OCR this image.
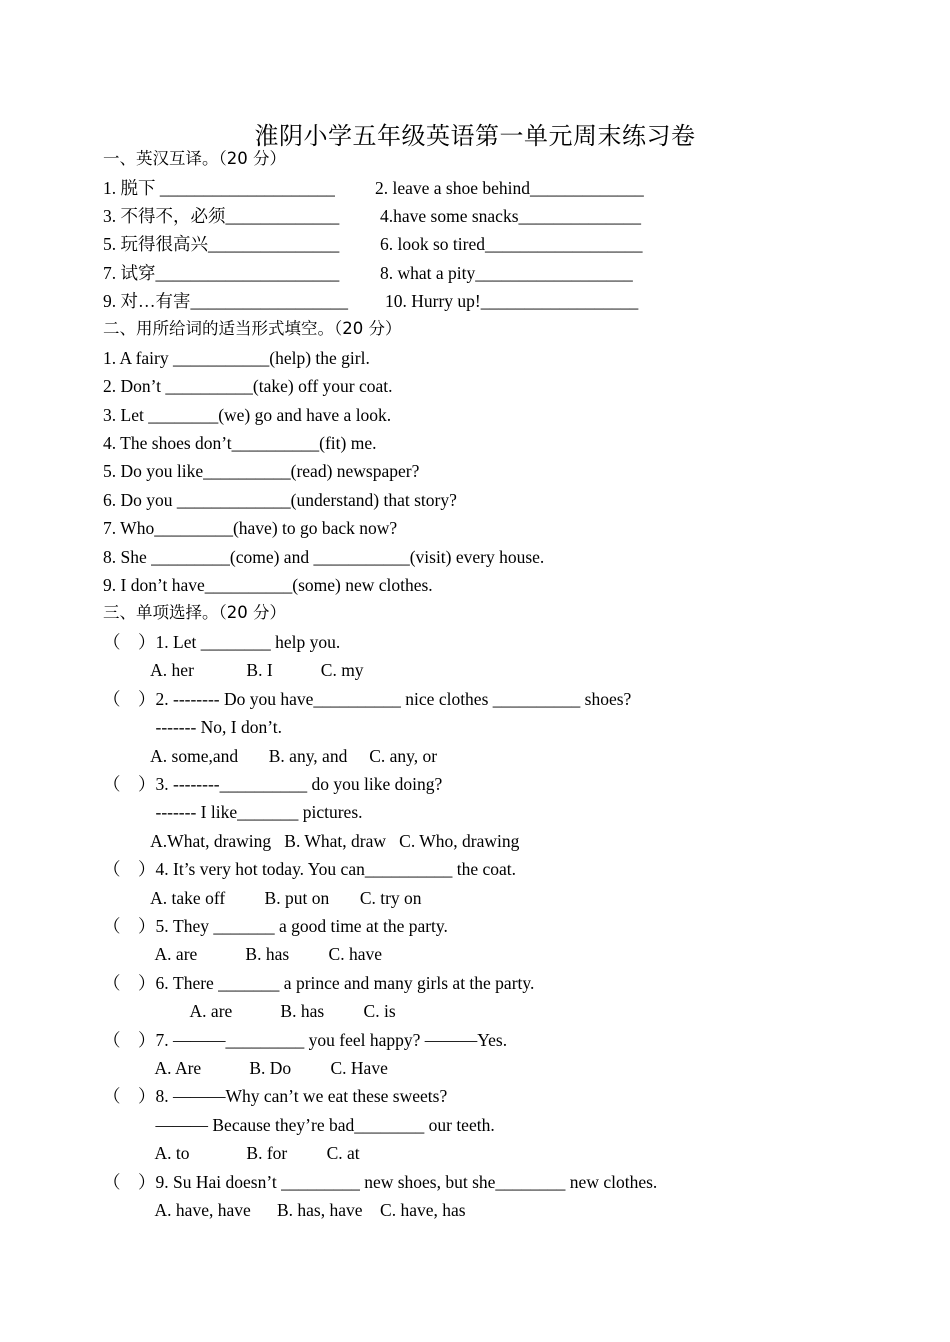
淮阴小学五年级英语第一单元周末练习卷
一、英汉互译。（20 分）
1. 脱下 ____________________ 2. leave a shoe behind_____________
3. 不得不，必须_____________ 4.have some snacks______________
5. 玩得很高兴_______________ 6. look so tired__________________
7. 试穿_____________________ 8. what a pity__________________
9. 对…有害__________________ 10. Hurry up!__________________
二、用所给词的适当形式填空。（20 分）
1. A fairy ___________(help) the girl.
2. Don’t __________(take) off your coat.
3. Let ________(we) go and have a look.
4. The shoes don’t__________(fit) me.
5. Do you like__________(read) newspaper?
6. Do you _____________(understand) that story?
7. Who_________(have) to go back now?
8. She _________(come) and ___________(visit) every house.
9. I don’t have__________(some) new clothes.
三、单项选择。（20 分）
（    ）1. Let ________ help you.
A. her            B. I           C. my
（    ）2. -------- Do you have__________ nice clothes __________ shoes?
------- No, I don’t.
A. some,and       B. any, and     C. any, or
（    ）3. --------__________ do you like doing?
------- I like_______ pictures.
A.What, drawing   B. What, draw   C. Who, drawing
（    ）4. It’s very hot today. You can__________ the coat.
A. take off         B. put on       C. try on
（    ）5. They _______ a good time at the party.
A. are           B. has         C. have
（    ）6. There _______ a prince and many girls at the party.
A. are           B. has         C. is
（    ）7. ———_________ you feel happy? ———Yes.
A. Are           B. Do         C. Have
（    ）8. ———Why can’t we eat these sweets?
——— Because they’re bad________ our teeth.
A. to             B. for         C. at
（    ）9. Su Hai doesn’t _________ new shoes, but she________ new clothes.
A. have, have      B. has, have    C. have, has
